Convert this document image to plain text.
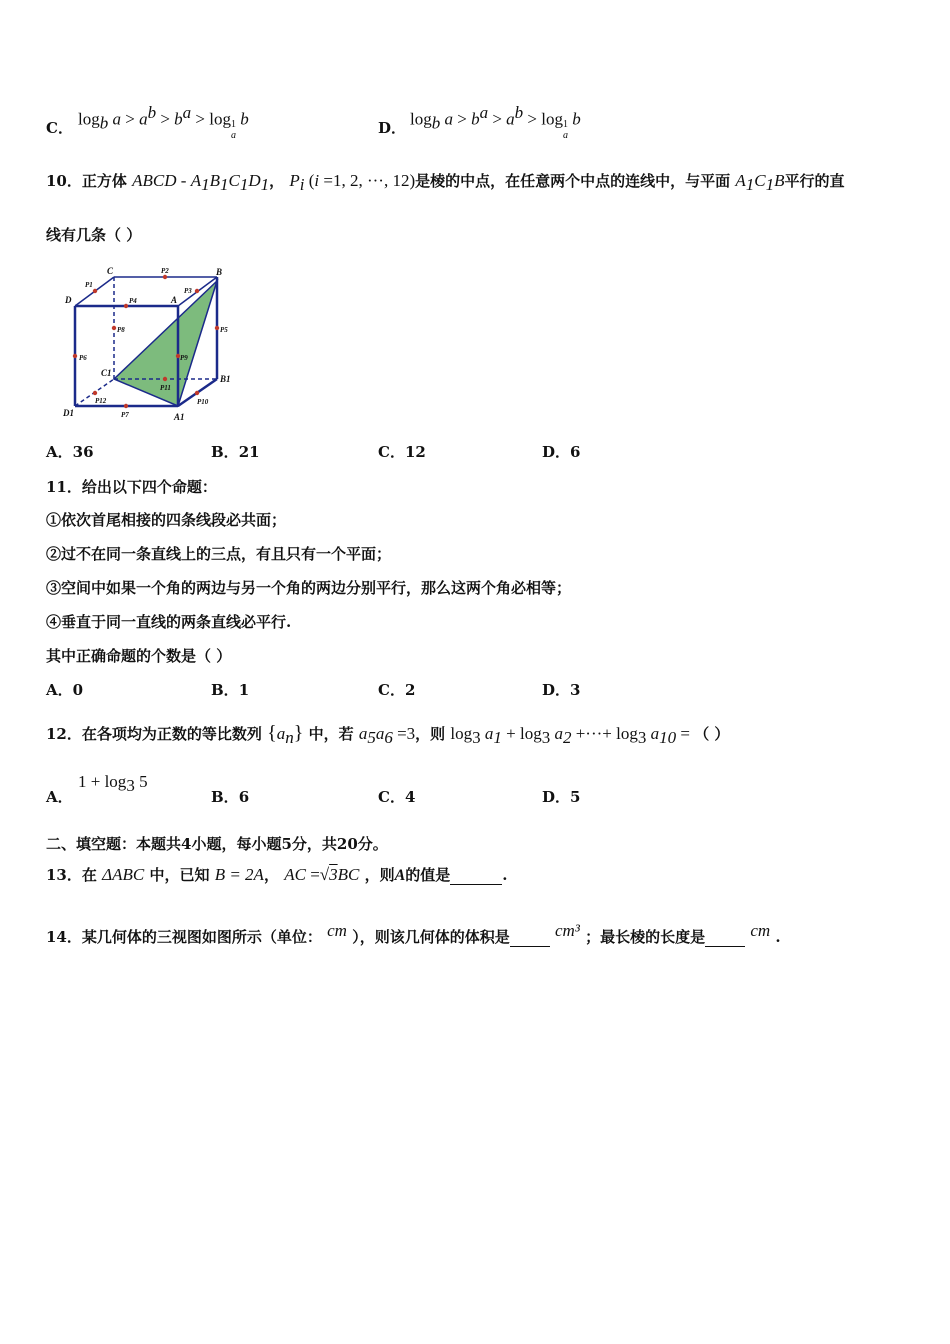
C． $\log_b a > a^b > b^a > \log 1$
a b	D． $\log_b a > b^a > a^b > \log 1$
a b
10．正方体 ABCD - $A_1B_1C_1D_1$， $P_i$ (i =1, 2, ···, 12)是棱的中点，在任意两个中点的连线中，与平面 $A_1C_1B$平行的直
线有几条（ ）
C
D	A
B
C1
D1	A1
B1
P1
P2
P3
P4
P5
P6
P7
P8
P9
P10
P11
P12
A．36	B．21	C．12	D．6
11．给出以下四个命题：
①依次首尾相接的四条线段必共面；
②过不在同一条直线上的三点，有且只有一个平面；
③空间中如果一个角的两边与另一个角的两边分别平行，那么这两个角必相等；
④垂直于同一直线的两条直线必平行.
其中正确命题的个数是（ ）
A．0	B．1	C．2	D．3
12．在各项均为正数的等比数列 $\{a_n\}$ 中，若 $a_5a_6 =3$，则 $\log_3 a_1 + \log_3 a_2$ +···+ $\log_3 a_{10}$ = （ ）
A．
$1 + \log_3 5$
B．6	C．4	D．5
二、填空题：本题共4小题，每小题5分，共20分。
13．在 ΔABC 中，已知 B = 2A， AC =√3BC ，则A的值是	.
14．某几何体的三视图如图所示（单位： cm ），则该几何体的体积是	cm³ ；最长棱的长度是	cm .
